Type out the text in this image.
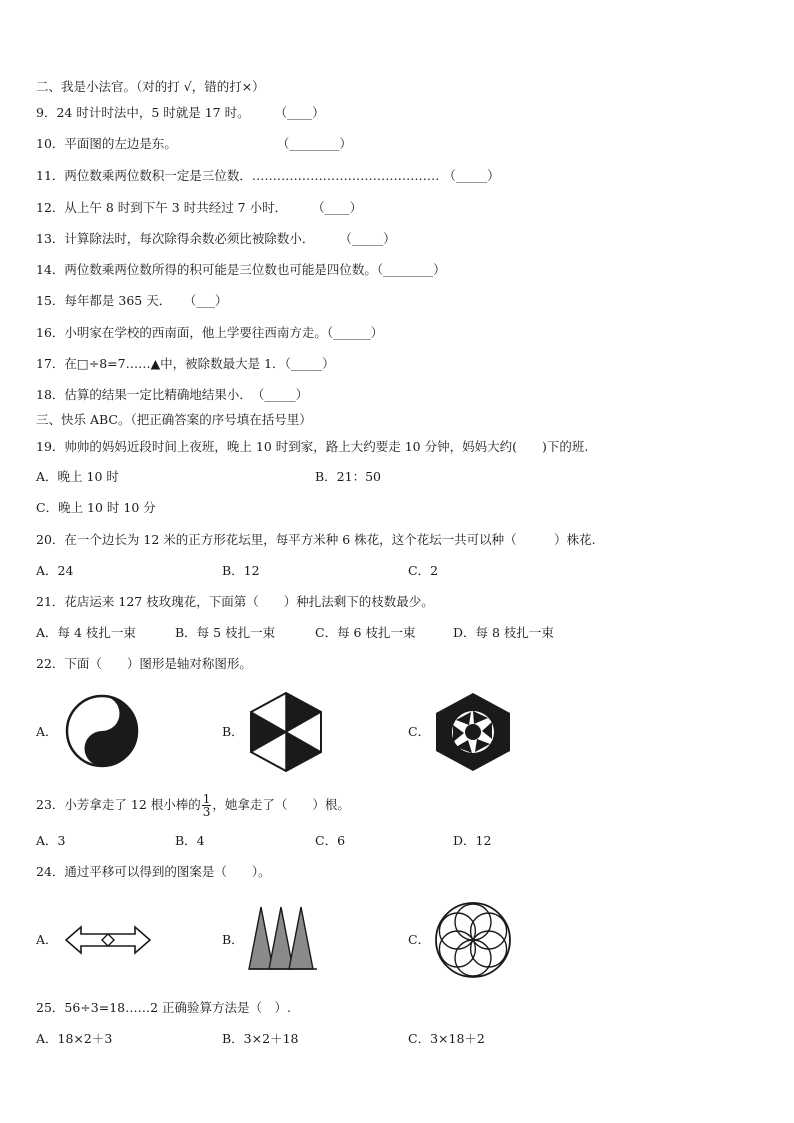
二、我是小法官。（对的打 √，错的打×）
9．24 时计时法中，5 时就是 17 时。　　　（____）
10．平面图的左边是东。　　　　　　　　　（________）
11．两位数乘两位数积一定是三位数．……………………………………… （_____）
12．从上午 8 时到下午 3 时共经过 7 小时．　　　（____）
13．计算除法时，每次除得余数必须比被除数小．　　　（_____）
14．两位数乘两位数所得的积可能是三位数也可能是四位数。（________）
15．每年都是 365 天．　　（___）
16．小明家在学校的西南面，他上学要往西南方走。（______）
17．在□÷8=7……▲中，被除数最大是 1．（_____）
18．估算的结果一定比精确地结果小．　（_____）
三、快乐 ABC。（把正确答案的序号填在括号里）
19．帅帅的妈妈近段时间上夜班，晚上 10 时到家，路上大约要走 10 分钟，妈妈大约(　　)下的班.
A．晚上 10 时	B．21：50
C．晚上 10 时 10 分
20．在一个边长为 12 米的正方形花坛里，每平方米种 6 株花，这个花坛一共可以种（　　　）株花.
A．24	B．12	C．2
21．花店运来 127 枝玫瑰花，下面第（　　）种扎法剩下的枝数最少。
A．每 4 枝扎一束	B．每 5 枝扎一束	C．每 6 枝扎一束	D．每 8 枝扎一束
22．下面（　　）图形是轴对称图形。
A．	B．	C．
23．小芳拿走了 12 根小棒的 $\frac{1}{3}$ ，她拿走了（　　）根。
A．3	B．4	C．6	D．12
24．通过平移可以得到的图案是（　　）。
A．	B．	C．
25．56÷3=18……2 正确验算方法是（　）.
A．18×2＋3	B．3×2＋18	C．3×18＋2
